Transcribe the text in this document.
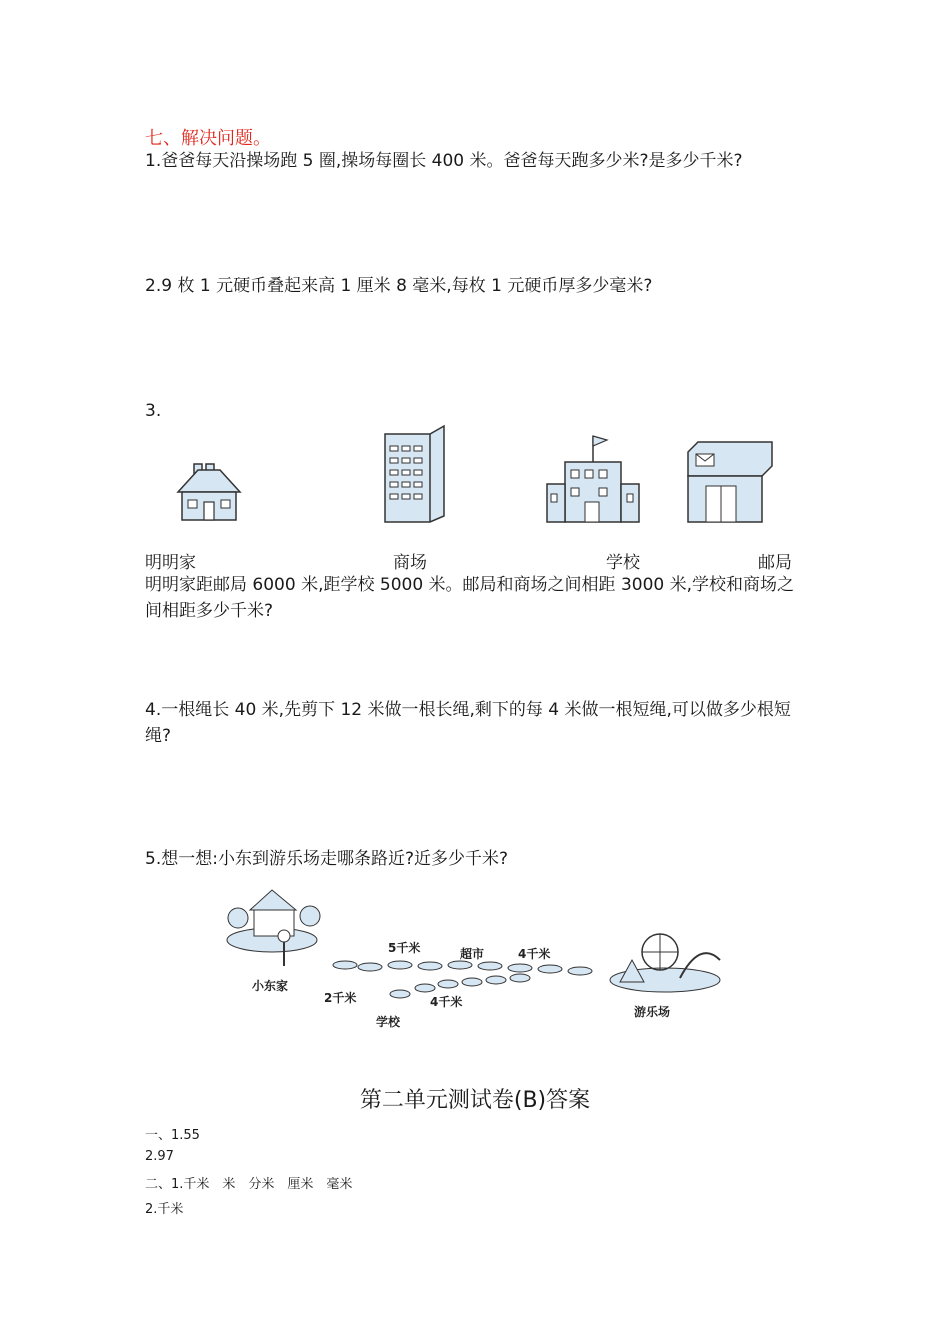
七、解决问题。
1.爸爸每天沿操场跑 5 圈,操场每圈长 400 米。爸爸每天跑多少米?是多少千米?
2.9 枚 1 元硬币叠起来高 1 厘米 8 毫米,每枚 1 元硬币厚多少毫米?
3.
明明家	商场	学校	邮局
明明家距邮局 6000 米,距学校 5000 米。邮局和商场之间相距 3000 米,学校和商场之间相距多少千米?
4.一根绳长 40 米,先剪下 12 米做一根长绳,剩下的每 4 米做一根短绳,可以做多少根短绳?
5.想一想:小东到游乐场走哪条路近?近多少千米?
小东家
5千米	超市	4千米
2千米	4千米
学校
游乐场
第二单元测试卷(B)答案
一、1.55
2.97
二、1.千米　米　分米　厘米　毫米
2.千米
